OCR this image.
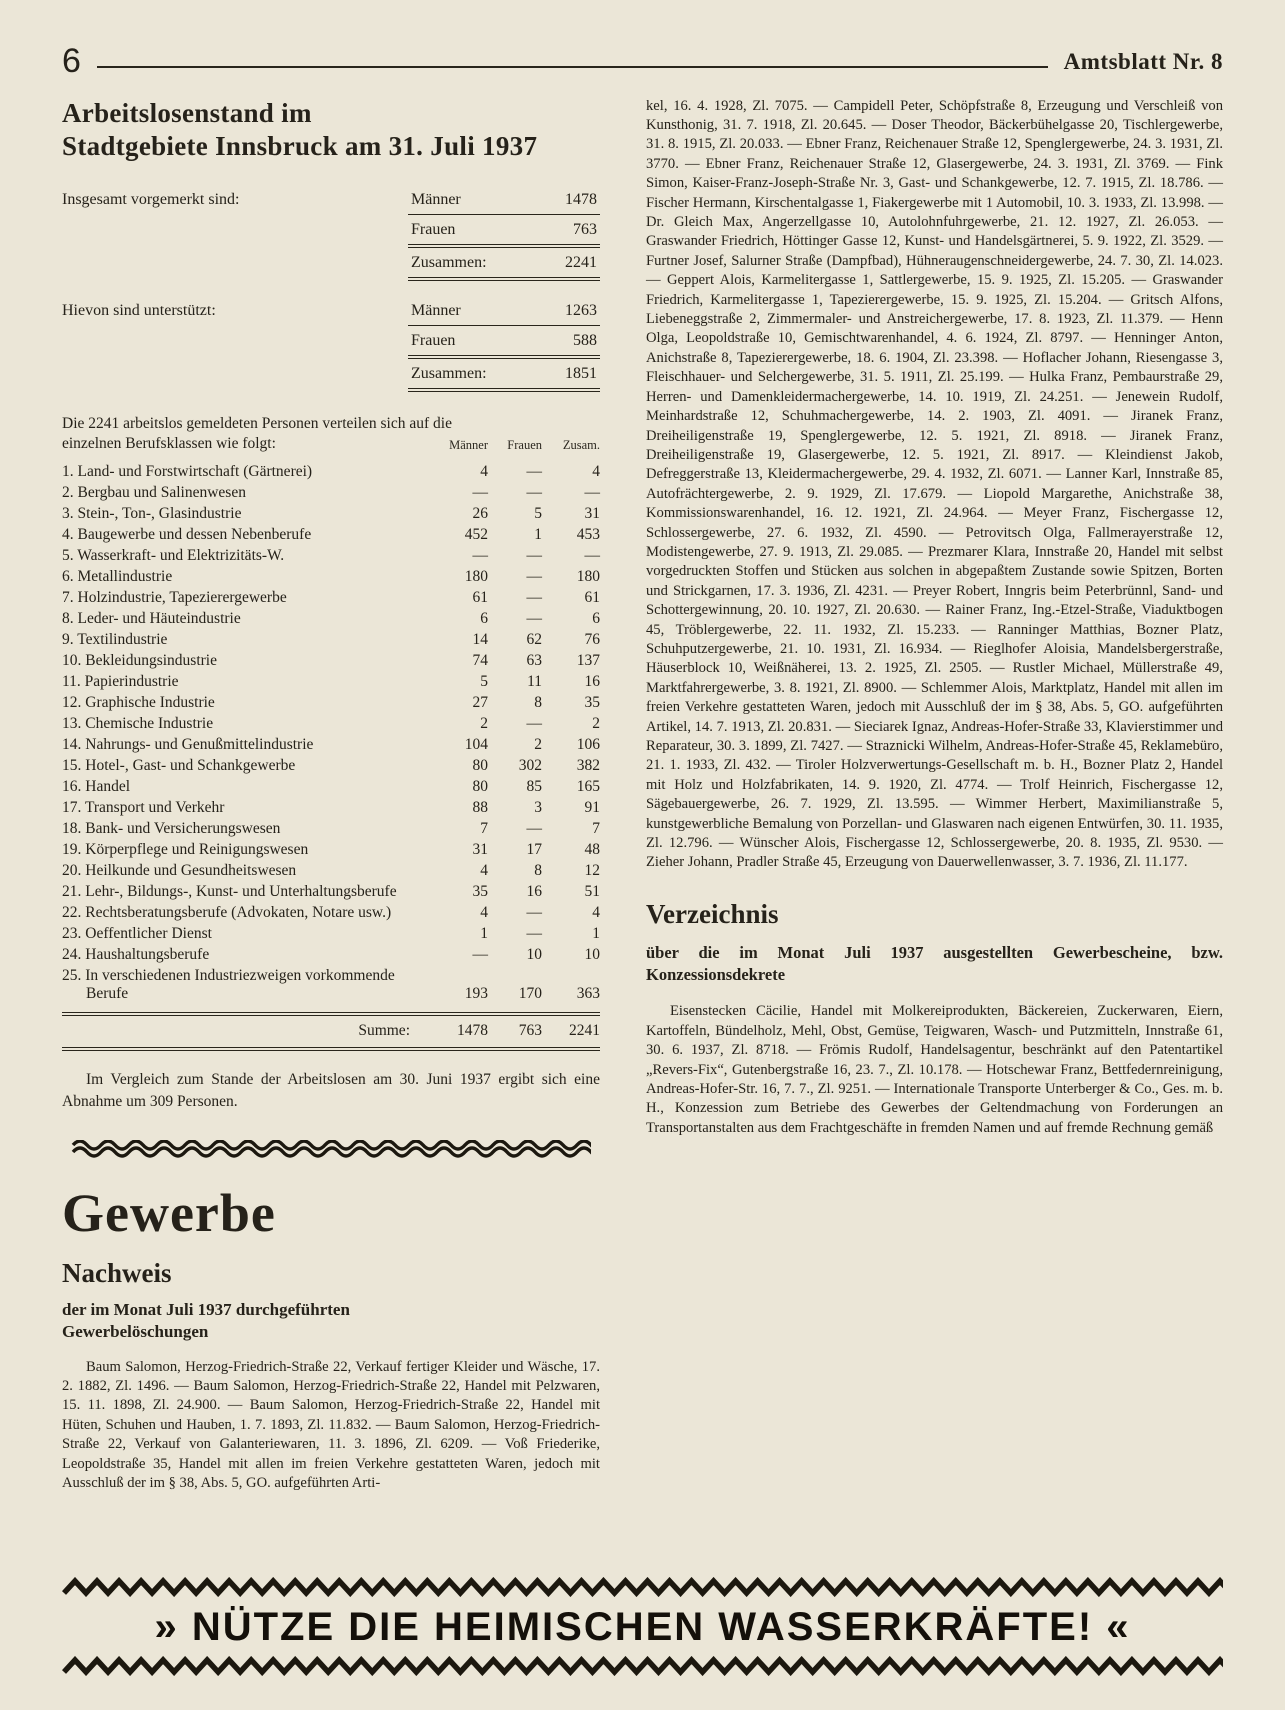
6	Amtsblatt Nr. 8
Arbeitslosenstand im
Stadtgebiete Innsbruck am 31. Juli 1937
Insgesamt vorgemerkt sind:	Männer	1478
Frauen	763
Zusammen:	2241
Hievon sind unterstützt:	Männer	1263
Frauen	588
Zusammen:	1851

Die 2241 arbeitslos gemeldeten Personen verteilen sich auf die

einzelnen Berufsklassen wie folgt:	Männer	Frauen	Zusam.
1. Land- und Forstwirtschaft (Gärtnerei)	4	—	4
2. Bergbau und Salinenwesen	—	—	—
3. Stein-, Ton-, Glasindustrie	26	5	31
4. Baugewerbe und dessen Nebenberufe	452	1	453
5. Wasserkraft- und Elektrizitäts-W.	—	—	—
6. Metallindustrie	180	—	180
7. Holzindustrie, Tapezierergewerbe	61	—	61
8. Leder- und Häuteindustrie	6	—	6
9. Textilindustrie	14	62	76
10. Bekleidungsindustrie	74	63	137
11. Papierindustrie	5	11	16
12. Graphische Industrie	27	8	35
13. Chemische Industrie	2	—	2
14. Nahrungs- und Genußmittelindustrie	104	2	106
15. Hotel-, Gast- und Schankgewerbe	80	302	382
16. Handel	80	85	165
17. Transport und Verkehr	88	3	91
18. Bank- und Versicherungswesen	7	—	7
19. Körperpflege und Reinigungswesen	31	17	48
20. Heilkunde und Gesundheitswesen	4	8	12
21. Lehr-, Bildungs-, Kunst- und Unterhaltungsberufe	35	16	51
22. Rechtsberatungsberufe (Advokaten, Notare usw.)	4	—	4
23. Oeffentlicher Dienst	1	—	1
24. Haushaltungsberufe	—	10	10
25. In verschiedenen Industriezweigen vorkommende Berufe	193	170	363
Summe:	1478	763	2241

Im Vergleich zum Stande der Arbeitslosen am 30. Juni 1937 ergibt sich eine Abnahme um 309 Personen.

Gewerbe
Nachweis

der im Monat Juli 1937 durchgeführten Gewerbelöschungen

Baum Salomon, Herzog-Friedrich-Straße 22, Verkauf fertiger Kleider und Wäsche, 17. 2. 1882, Zl. 1496. — Baum Salomon, Herzog-Friedrich-Straße 22, Handel mit Pelzwaren, 15. 11. 1898, Zl. 24.900. — Baum Salomon, Herzog-Friedrich-Straße 22, Handel mit Hüten, Schuhen und Hauben, 1. 7. 1893, Zl. 11.832. — Baum Salomon, Herzog-Friedrich-Straße 22, Verkauf von Galanteriewaren, 11. 3. 1896, Zl. 6209. — Voß Friederike, Leopoldstraße 35, Handel mit allen im freien Verkehre gestatteten Waren, jedoch mit Ausschluß der im § 38, Abs. 5, GO. aufgeführten Arti-

kel, 16. 4. 1928, Zl. 7075. — Campidell Peter, Schöpfstraße 8, Erzeugung und Verschleiß von Kunsthonig, 31. 7. 1918, Zl. 20.645. — Doser Theodor, Bäckerbühelgasse 20, Tischlergewerbe, 31. 8. 1915, Zl. 20.033. — Ebner Franz, Reichenauer Straße 12, Spenglergewerbe, 24. 3. 1931, Zl. 3770. — Ebner Franz, Reichenauer Straße 12, Glasergewerbe, 24. 3. 1931, Zl. 3769. — Fink Simon, Kaiser-Franz-Joseph-Straße Nr. 3, Gast- und Schankgewerbe, 12. 7. 1915, Zl. 18.786. — Fischer Hermann, Kirschentalgasse 1, Fiakergewerbe mit 1 Automobil, 10. 3. 1933, Zl. 13.998. — Dr. Gleich Max, Angerzellgasse 10, Autolohnfuhrgewerbe, 21. 12. 1927, Zl. 26.053. — Graswander Friedrich, Höttinger Gasse 12, Kunst- und Handelsgärtnerei, 5. 9. 1922, Zl. 3529. — Furtner Josef, Salurner Straße (Dampfbad), Hühneraugenschneidergewerbe, 24. 7. 30, Zl. 14.023. — Geppert Alois, Karmelitergasse 1, Sattlergewerbe, 15. 9. 1925, Zl. 15.205. — Graswander Friedrich, Karmelitergasse 1, Tapezierergewerbe, 15. 9. 1925, Zl. 15.204. — Gritsch Alfons, Liebeneggstraße 2, Zimmermaler- und Anstreichergewerbe, 17. 8. 1923, Zl. 11.379. — Henn Olga, Leopoldstraße 10, Gemischtwarenhandel, 4. 6. 1924, Zl. 8797. — Henninger Anton, Anichstraße 8, Tapezierergewerbe, 18. 6. 1904, Zl. 23.398. — Hoflacher Johann, Riesengasse 3, Fleischhauer- und Selchergewerbe, 31. 5. 1911, Zl. 25.199. — Hulka Franz, Pembaurstraße 29, Herren- und Damenkleidermachergewerbe, 14. 10. 1919, Zl. 24.251. — Jenewein Rudolf, Meinhardstraße 12, Schuhmachergewerbe, 14. 2. 1903, Zl. 4091. — Jiranek Franz, Dreiheiligenstraße 19, Spenglergewerbe, 12. 5. 1921, Zl. 8918. — Jiranek Franz, Dreiheiligenstraße 19, Glasergewerbe, 12. 5. 1921, Zl. 8917. — Kleindienst Jakob, Defreggerstraße 13, Kleidermachergewerbe, 29. 4. 1932, Zl. 6071. — Lanner Karl, Innstraße 85, Autofrächtergewerbe, 2. 9. 1929, Zl. 17.679. — Liopold Margarethe, Anichstraße 38, Kommissionswarenhandel, 16. 12. 1921, Zl. 24.964. — Meyer Franz, Fischergasse 12, Schlossergewerbe, 27. 6. 1932, Zl. 4590. — Petrovitsch Olga, Fallmerayerstraße 12, Modistengewerbe, 27. 9. 1913, Zl. 29.085. — Prezmarer Klara, Innstraße 20, Handel mit selbst vorgedruckten Stoffen und Stücken aus solchen in abgepaßtem Zustande sowie Spitzen, Borten und Strickgarnen, 17. 3. 1936, Zl. 4231. — Preyer Robert, Inngris beim Peterbrünnl, Sand- und Schottergewinnung, 20. 10. 1927, Zl. 20.630. — Rainer Franz, Ing.-Etzel-Straße, Viaduktbogen 45, Tröblergewerbe, 22. 11. 1932, Zl. 15.233. — Ranninger Matthias, Bozner Platz, Schuhputzergewerbe, 21. 10. 1931, Zl. 16.934. — Rieglhofer Aloisia, Mandelsbergerstraße, Häuserblock 10, Weißnäherei, 13. 2. 1925, Zl. 2505. — Rustler Michael, Müllerstraße 49, Marktfahrergewerbe, 3. 8. 1921, Zl. 8900. — Schlemmer Alois, Marktplatz, Handel mit allen im freien Verkehre gestatteten Waren, jedoch mit Ausschluß der im § 38, Abs. 5, GO. aufgeführten Artikel, 14. 7. 1913, Zl. 20.831. — Sieciarek Ignaz, Andreas-Hofer-Straße 33, Klavierstimmer und Reparateur, 30. 3. 1899, Zl. 7427. — Straznicki Wilhelm, Andreas-Hofer-Straße 45, Reklamebüro, 21. 1. 1933, Zl. 432. — Tiroler Holzverwertungs-Gesellschaft m. b. H., Bozner Platz 2, Handel mit Holz und Holzfabrikaten, 14. 9. 1920, Zl. 4774. — Trolf Heinrich, Fischergasse 12, Sägebauergewerbe, 26. 7. 1929, Zl. 13.595. — Wimmer Herbert, Maximilianstraße 5, kunstgewerbliche Bemalung von Porzellan- und Glaswaren nach eigenen Entwürfen, 30. 11. 1935, Zl. 12.796. — Wünscher Alois, Fischergasse 12, Schlossergewerbe, 20. 8. 1935, Zl. 9530. — Zieher Johann, Pradler Straße 45, Erzeugung von Dauerwellenwasser, 3. 7. 1936, Zl. 11.177.

Verzeichnis

über die im Monat Juli 1937 ausgestellten Gewerbescheine, bzw. Konzessionsdekrete

Eisenstecken Cäcilie, Handel mit Molkereiprodukten, Bäckereien, Zuckerwaren, Eiern, Kartoffeln, Bündelholz, Mehl, Obst, Gemüse, Teigwaren, Wasch- und Putzmitteln, Innstraße 61, 30. 6. 1937, Zl. 8718. — Frömis Rudolf, Handelsagentur, beschränkt auf den Patentartikel „Revers-Fix“, Gutenbergstraße 16, 23. 7., Zl. 10.178. — Hotschewar Franz, Bettfedernreinigung, Andreas-Hofer-Str. 16, 7. 7., Zl. 9251. — Internationale Transporte Unterberger & Co., Ges. m. b. H., Konzession zum Betriebe des Gewerbes der Geltendmachung von Forderungen an Transportanstalten aus dem Frachtgeschäfte in fremden Namen und auf fremde Rechnung gemäß

» NÜTZE DIE HEIMISCHEN WASSERKRÄFTE! «
